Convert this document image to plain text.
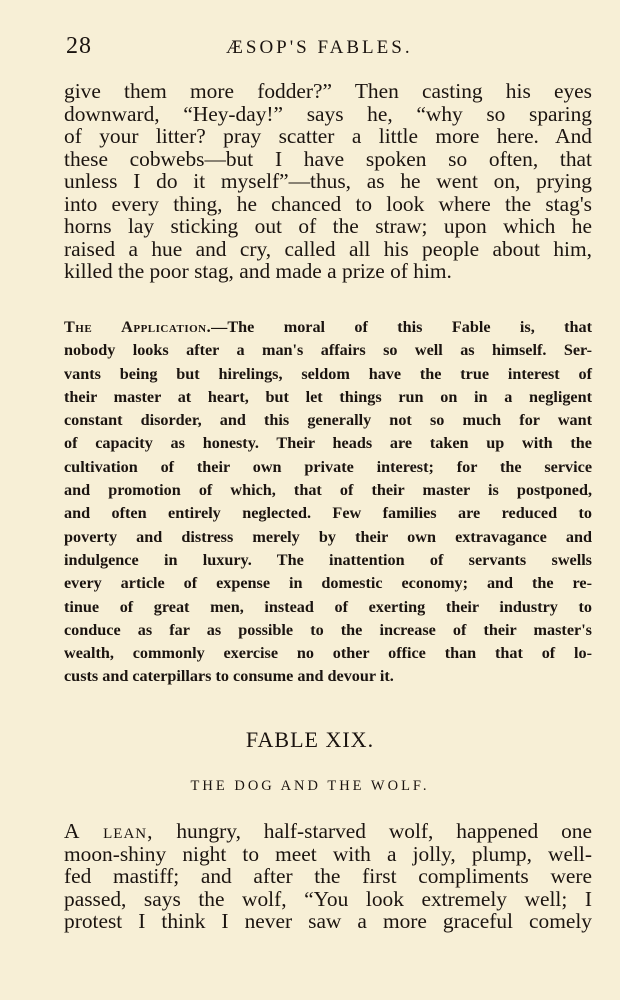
28	ÆSOP'S FABLES.

give them more fodder?” Then casting his eyes
downward, “Hey-day!” says he, “why so sparing
of your litter? pray scatter a little more here. And
these cobwebs—but I have spoken so often, that
unless I do it myself”—thus, as he went on, prying
into every thing, he chanced to look where the stag's
horns lay sticking out of the straw; upon which he
raised a hue and cry, called all his people about him,
killed the poor stag, and made a prize of him.

The Application.—The moral of this Fable is, that
nobody looks after a man's affairs so well as himself. Ser-
vants being but hirelings, seldom have the true interest of
their master at heart, but let things run on in a negligent
constant disorder, and this generally not so much for want
of capacity as honesty. Their heads are taken up with the
cultivation of their own private interest; for the service
and promotion of which, that of their master is postponed,
and often entirely neglected. Few families are reduced to
poverty and distress merely by their own extravagance and
indulgence in luxury. The inattention of servants swells
every article of expense in domestic economy; and the re-
tinue of great men, instead of exerting their industry to
conduce as far as possible to the increase of their master's
wealth, commonly exercise no other office than that of lo-
custs and caterpillars to consume and devour it.

FABLE XIX.
THE DOG AND THE WOLF.

A lean, hungry, half-starved wolf, happened one
moon-shiny night to meet with a jolly, plump, well-
fed mastiff; and after the first compliments were
passed, says the wolf, “You look extremely well; I
protest I think I never saw a more graceful comely
